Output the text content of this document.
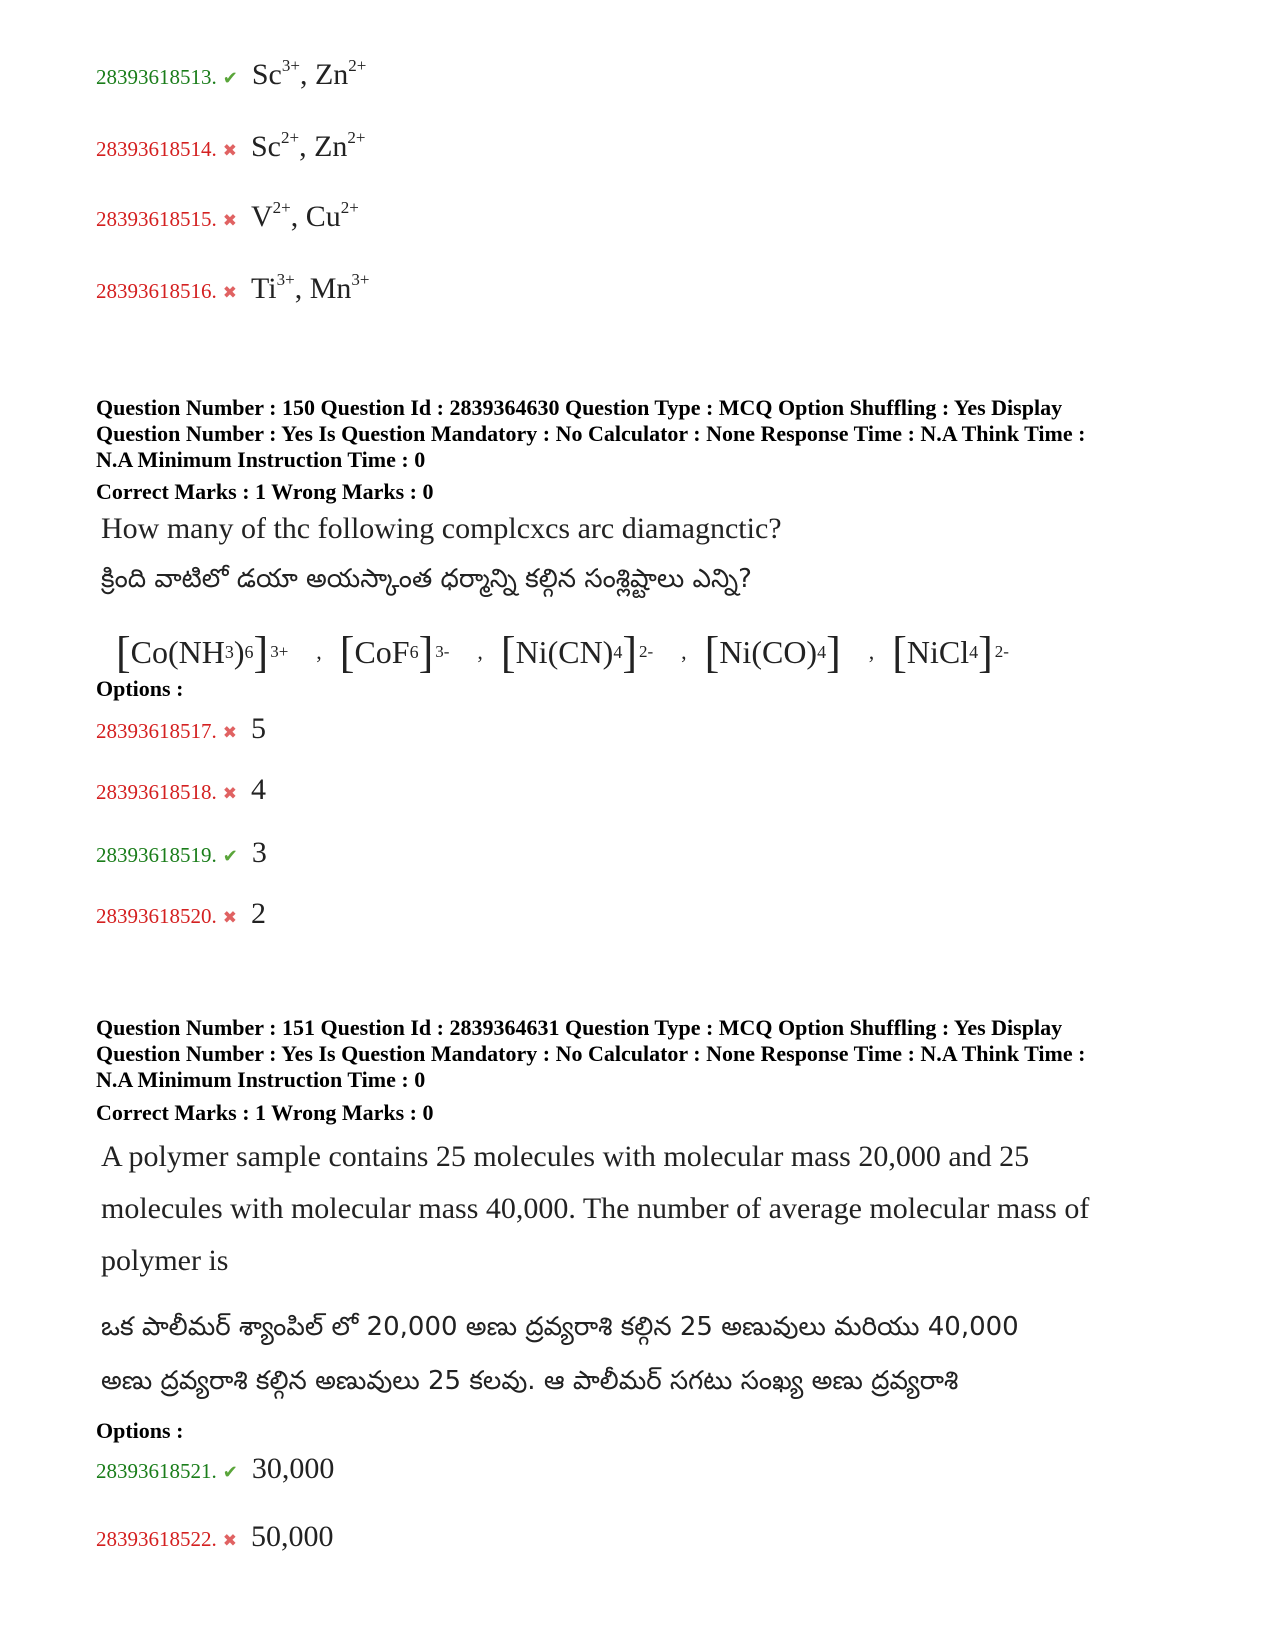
28393618513. ✔ $Sc^{3+}$, $Zn^{2+}$
28393618514. ✖ $Sc^{2+}$, $Zn^{2+}$
28393618515. ✖ $V^{2+}$, $Cu^{2+}$
28393618516. ✖ $Ti^{3+}$, $Mn^{3+}$
Question Number : 150 Question Id : 2839364630 Question Type : MCQ Option Shuffling : Yes Display
Question Number : Yes Is Question Mandatory : No Calculator : None Response Time : N.A Think Time :
N.A Minimum Instruction Time : 0
Correct Marks : 1 Wrong Marks : 0
How many of thc following complcxcs arc diamagnctic?
క్రింది వాటిలో డయా అయస్కాంత ధర్మాన్ని కల్గిన సంశ్లిష్టాలు ఎన్ని?
[ Co ( NH 3 ) 6 ] 3+ , [ CoF 6 ] 3- , [ Ni ( CN ) 4 ] 2- , [ Ni ( CO ) 4 ] , [ NiCl 4 ] 2-
Options :
28393618517. ✖ 5
28393618518. ✖ 4
28393618519. ✔ 3
28393618520. ✖ 2
Question Number : 151 Question Id : 2839364631 Question Type : MCQ Option Shuffling : Yes Display
Question Number : Yes Is Question Mandatory : No Calculator : None Response Time : N.A Think Time :
N.A Minimum Instruction Time : 0
Correct Marks : 1 Wrong Marks : 0
A polymer sample contains 25 molecules with molecular mass 20,000 and 25
molecules with molecular mass 40,000. The number of average molecular mass of
polymer is
ఒక పాలీమర్ శ్యాంపిల్ లో 20,000 అణు ద్రవ్యరాశి కల్గిన 25 అణువులు మరియు 40,000
అణు ద్రవ్యరాశి కల్గిన అణువులు 25 కలవు. ఆ పాలీమర్ సగటు సంఖ్య అణు ద్రవ్యరాశి
Options :
28393618521. ✔ 30,000
28393618522. ✖ 50,000
